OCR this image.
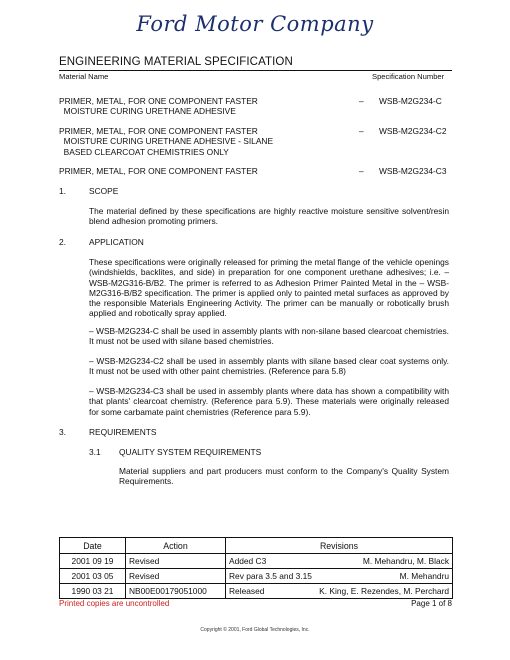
Ford Motor Company
ENGINEERING MATERIAL SPECIFICATION
Material Name	Specification Number
PRIMER, METAL, FOR ONE COMPONENT FASTER
MOISTURE CURING URETHANE ADHESIVE
– WSB-M2G234-C
PRIMER, METAL, FOR ONE COMPONENT FASTER
MOISTURE CURING URETHANE ADHESIVE - SILANE
BASED CLEARCOAT CHEMISTRIES ONLY
– WSB-M2G234-C2
PRIMER, METAL, FOR ONE COMPONENT FASTER	– WSB-M2G234-C3
1.	SCOPE

The material defined by these specifications are highly reactive moisture sensitive solvent/resin blend adhesion promoting primers.

2.	APPLICATION

These specifications were originally released for priming the metal flange of the vehicle openings (windshields, backlites, and side) in preparation for one component urethane adhesives; i.e. – WSB-M2G316-B/B2. The primer is referred to as Adhesion Primer Painted Metal in the – WSB-M2G316-B/B2 specification. The primer is applied only to painted metal surfaces as approved by the responsible Materials Engineering Activity. The primer can be manually or robotically brush applied and robotically spray applied.

– WSB-M2G234-C shall be used in assembly plants with non-silane based clearcoat chemistries. It must not be used with silane based chemistries.

– WSB-M2G234-C2 shall be used in assembly plants with silane based clear coat systems only. It must not be used with other paint chemistries. (Reference para 5.8)

– WSB-M2G234-C3 shall be used in assembly plants where data has shown a compatibility with that plants' clearcoat chemistry. (Reference para 5.9). These materials were originally released for some carbamate paint chemistries (Reference para 5.9).

3.	REQUIREMENTS
3.1 QUALITY SYSTEM REQUIREMENTS

Material suppliers and part producers must conform to the Company's Quality System Requirements.

Date	Action	Revisions
2001 09 19	Revised	Added C3 M. Mehandru, M. Black

2001 03 05	Revised	Rev para 3.5 and 3.15 M. Mehandru

1990 03 21	NB00E00179051000	Released K. King, E. Rezendes, M. Perchard
Printed copies are uncontrolled	Page 1 of 8
Copyright © 2001, Ford Global Technologies, Inc.
